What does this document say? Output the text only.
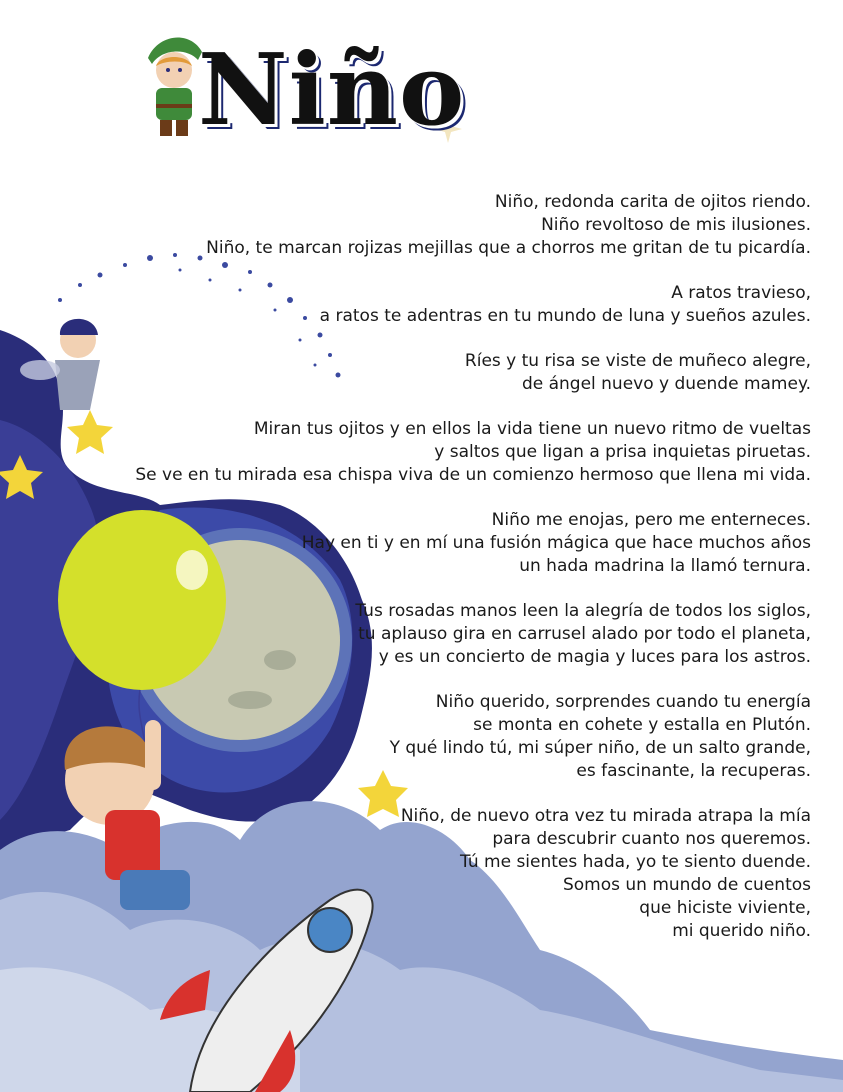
Niño

Niño, redonda carita de ojitos riendo.
Niño revoltoso de mis ilusiones.
Niño, te marcan rojizas mejillas que a chorros me gritan de tu picardía.

A ratos travieso,
a ratos te adentras en tu mundo de luna y sueños azules.

Ríes y tu risa se viste de muñeco alegre,
de ángel nuevo y duende mamey.

Miran tus ojitos y en ellos la vida tiene un nuevo ritmo de vueltas
y saltos que ligan a prisa inquietas piruetas.
Se ve en tu mirada esa chispa viva de un comienzo hermoso que llena mi vida.

Niño me enojas, pero me enterneces.
Hay en ti y en mí una fusión mágica que hace muchos años
un hada madrina la llamó ternura.

Tus rosadas manos leen la alegría de todos los siglos,
tu aplauso gira en carrusel alado por todo el planeta,
y es un concierto de magia y luces para los astros.

Niño querido, sorprendes cuando tu energía
se monta en cohete y estalla en Plutón.
Y qué lindo tú, mi súper niño, de un salto grande,
es fascinante, la recuperas.

Niño, de nuevo otra vez tu mirada atrapa la mía
para descubrir cuanto nos queremos.
Tú me sientes hada, yo te siento duende.
Somos un mundo de cuentos
que hiciste viviente,
mi querido niño.
